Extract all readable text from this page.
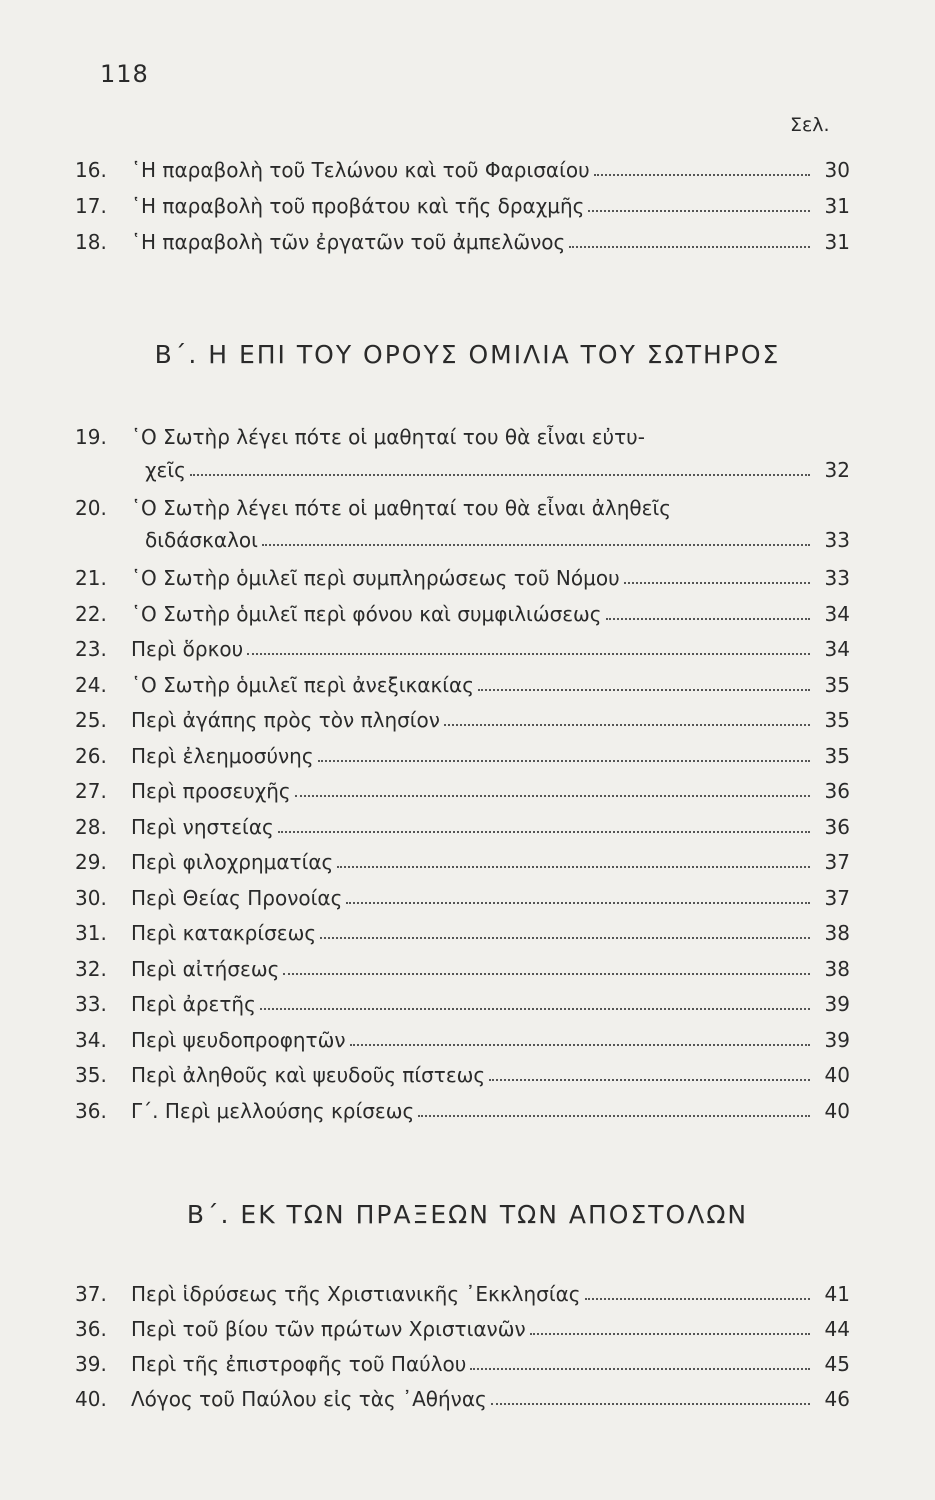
118
Σελ.
16.	῾Η παραβολὴ τοῦ Τελώνου καὶ τοῦ Φαρισαίου	30
17.	῾Η παραβολὴ τοῦ προβάτου καὶ τῆς δραχμῆς	31
18.	῾Η παραβολὴ τῶν ἐργατῶν τοῦ ἀμπελῶνος	31
Β΄. Η ΕΠΙ ΤΟΥ ΟΡΟΥΣ ΟΜΙΛΙΑ ΤΟΥ ΣΩΤΗΡΟΣ
19.	῾Ο Σωτὴρ λέγει πότε οἱ μαθηταί του θὰ εἶναι εὐτυ-
χεῖς	32
20.	῾Ο Σωτὴρ λέγει πότε οἱ μαθηταί του θὰ εἶναι ἀληθεῖς
διδάσκαλοι	33
21.	῾Ο Σωτὴρ ὁμιλεῖ περὶ συμπληρώσεως τοῦ Νόμου	33
22.	῾Ο Σωτὴρ ὁμιλεῖ περὶ φόνου καὶ συμφιλιώσεως	34
23.	Περὶ ὅρκου	34
24.	῾Ο Σωτὴρ ὁμιλεῖ περὶ ἀνεξικακίας	35
25.	Περὶ ἀγάπης πρὸς τὸν πλησίον	35
26.	Περὶ ἐλεημοσύνης	35
27.	Περὶ προσευχῆς	36
28.	Περὶ νηστείας	36
29.	Περὶ φιλοχρηματίας	37
30.	Περὶ Θείας Προνοίας	37
31.	Περὶ κατακρίσεως	38
32.	Περὶ αἰτήσεως	38
33.	Περὶ ἀρετῆς	39
34.	Περὶ ψευδοπροφητῶν	39
35.	Περὶ ἀληθοῦς καὶ ψευδοῦς πίστεως	40
36.	Γ΄. Περὶ μελλούσης κρίσεως	40
Β΄. ΕΚ ΤΩΝ ΠΡΑΞΕΩΝ ΤΩΝ ΑΠΟΣΤΟΛΩΝ
37.	Περὶ ἱδρύσεως τῆς Χριστιανικῆς ᾿Εκκλησίας	41
36.	Περὶ τοῦ βίου τῶν πρώτων Χριστιανῶν	44
39.	Περὶ τῆς ἐπιστροφῆς τοῦ Παύλου	45
40.	Λόγος τοῦ Παύλου εἰς τὰς ᾿Αθήνας	46
